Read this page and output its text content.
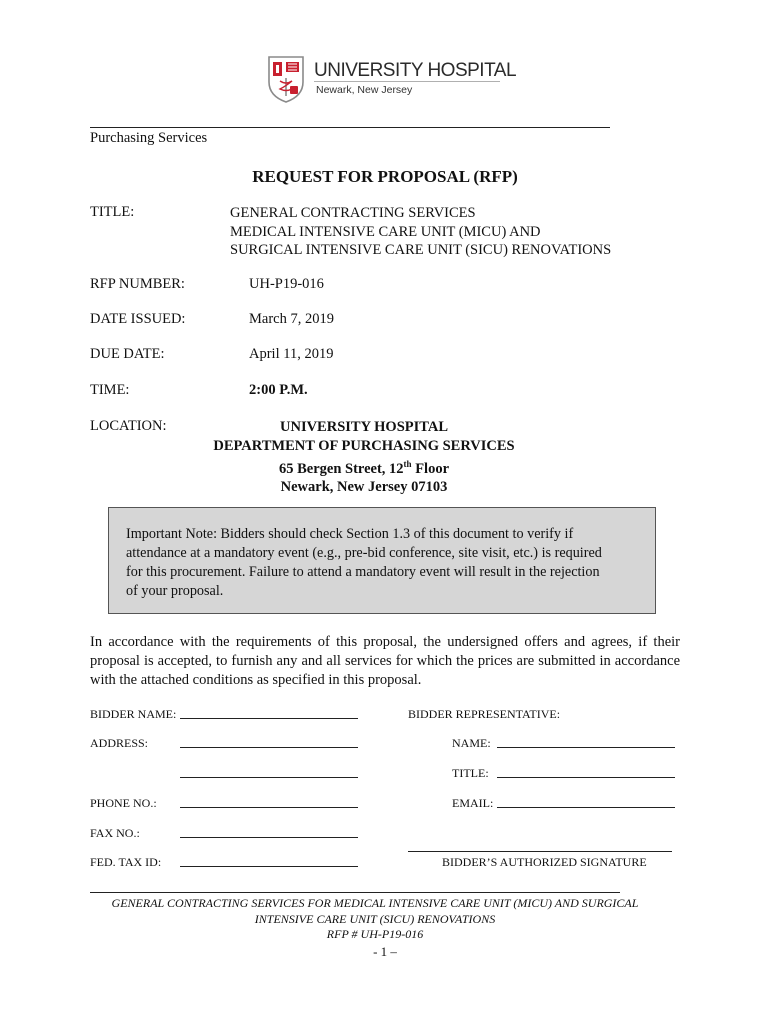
UNIVERSITY HOSPITAL
Newark, New Jersey
Purchasing Services
REQUEST FOR PROPOSAL (RFP)
TITLE:	GENERAL CONTRACTING SERVICES
MEDICAL INTENSIVE CARE UNIT (MICU) AND
SURGICAL INTENSIVE CARE UNIT (SICU) RENOVATIONS
RFP NUMBER:	UH-P19-016
DATE ISSUED:	March 7, 2019
DUE DATE:	April 11, 2019
TIME:	2:00 P.M.
LOCATION:	UNIVERSITY HOSPITAL
DEPARTMENT OF PURCHASING SERVICES
65 Bergen Street, 12th Floor
Newark, New Jersey 07103
Important Note: Bidders should check Section 1.3 of this document to verify if
attendance at a mandatory event (e.g., pre-bid conference, site visit, etc.) is required
for this procurement. Failure to attend a mandatory event will result in the rejection
of your proposal.
In accordance with the requirements of this proposal, the undersigned offers and agrees, if their proposal is accepted, to furnish any and all services for which the prices are submitted in accordance with the attached conditions as specified in this proposal.
BIDDER NAME:
ADDRESS:
PHONE NO.:
FAX NO.:
FED. TAX ID:
BIDDER REPRESENTATIVE:
NAME:
TITLE:
EMAIL:
BIDDER’S AUTHORIZED SIGNATURE
GENERAL CONTRACTING SERVICES FOR MEDICAL INTENSIVE CARE UNIT (MICU) AND SURGICAL
INTENSIVE CARE UNIT (SICU) RENOVATIONS
RFP # UH-P19-016
- 1 –
